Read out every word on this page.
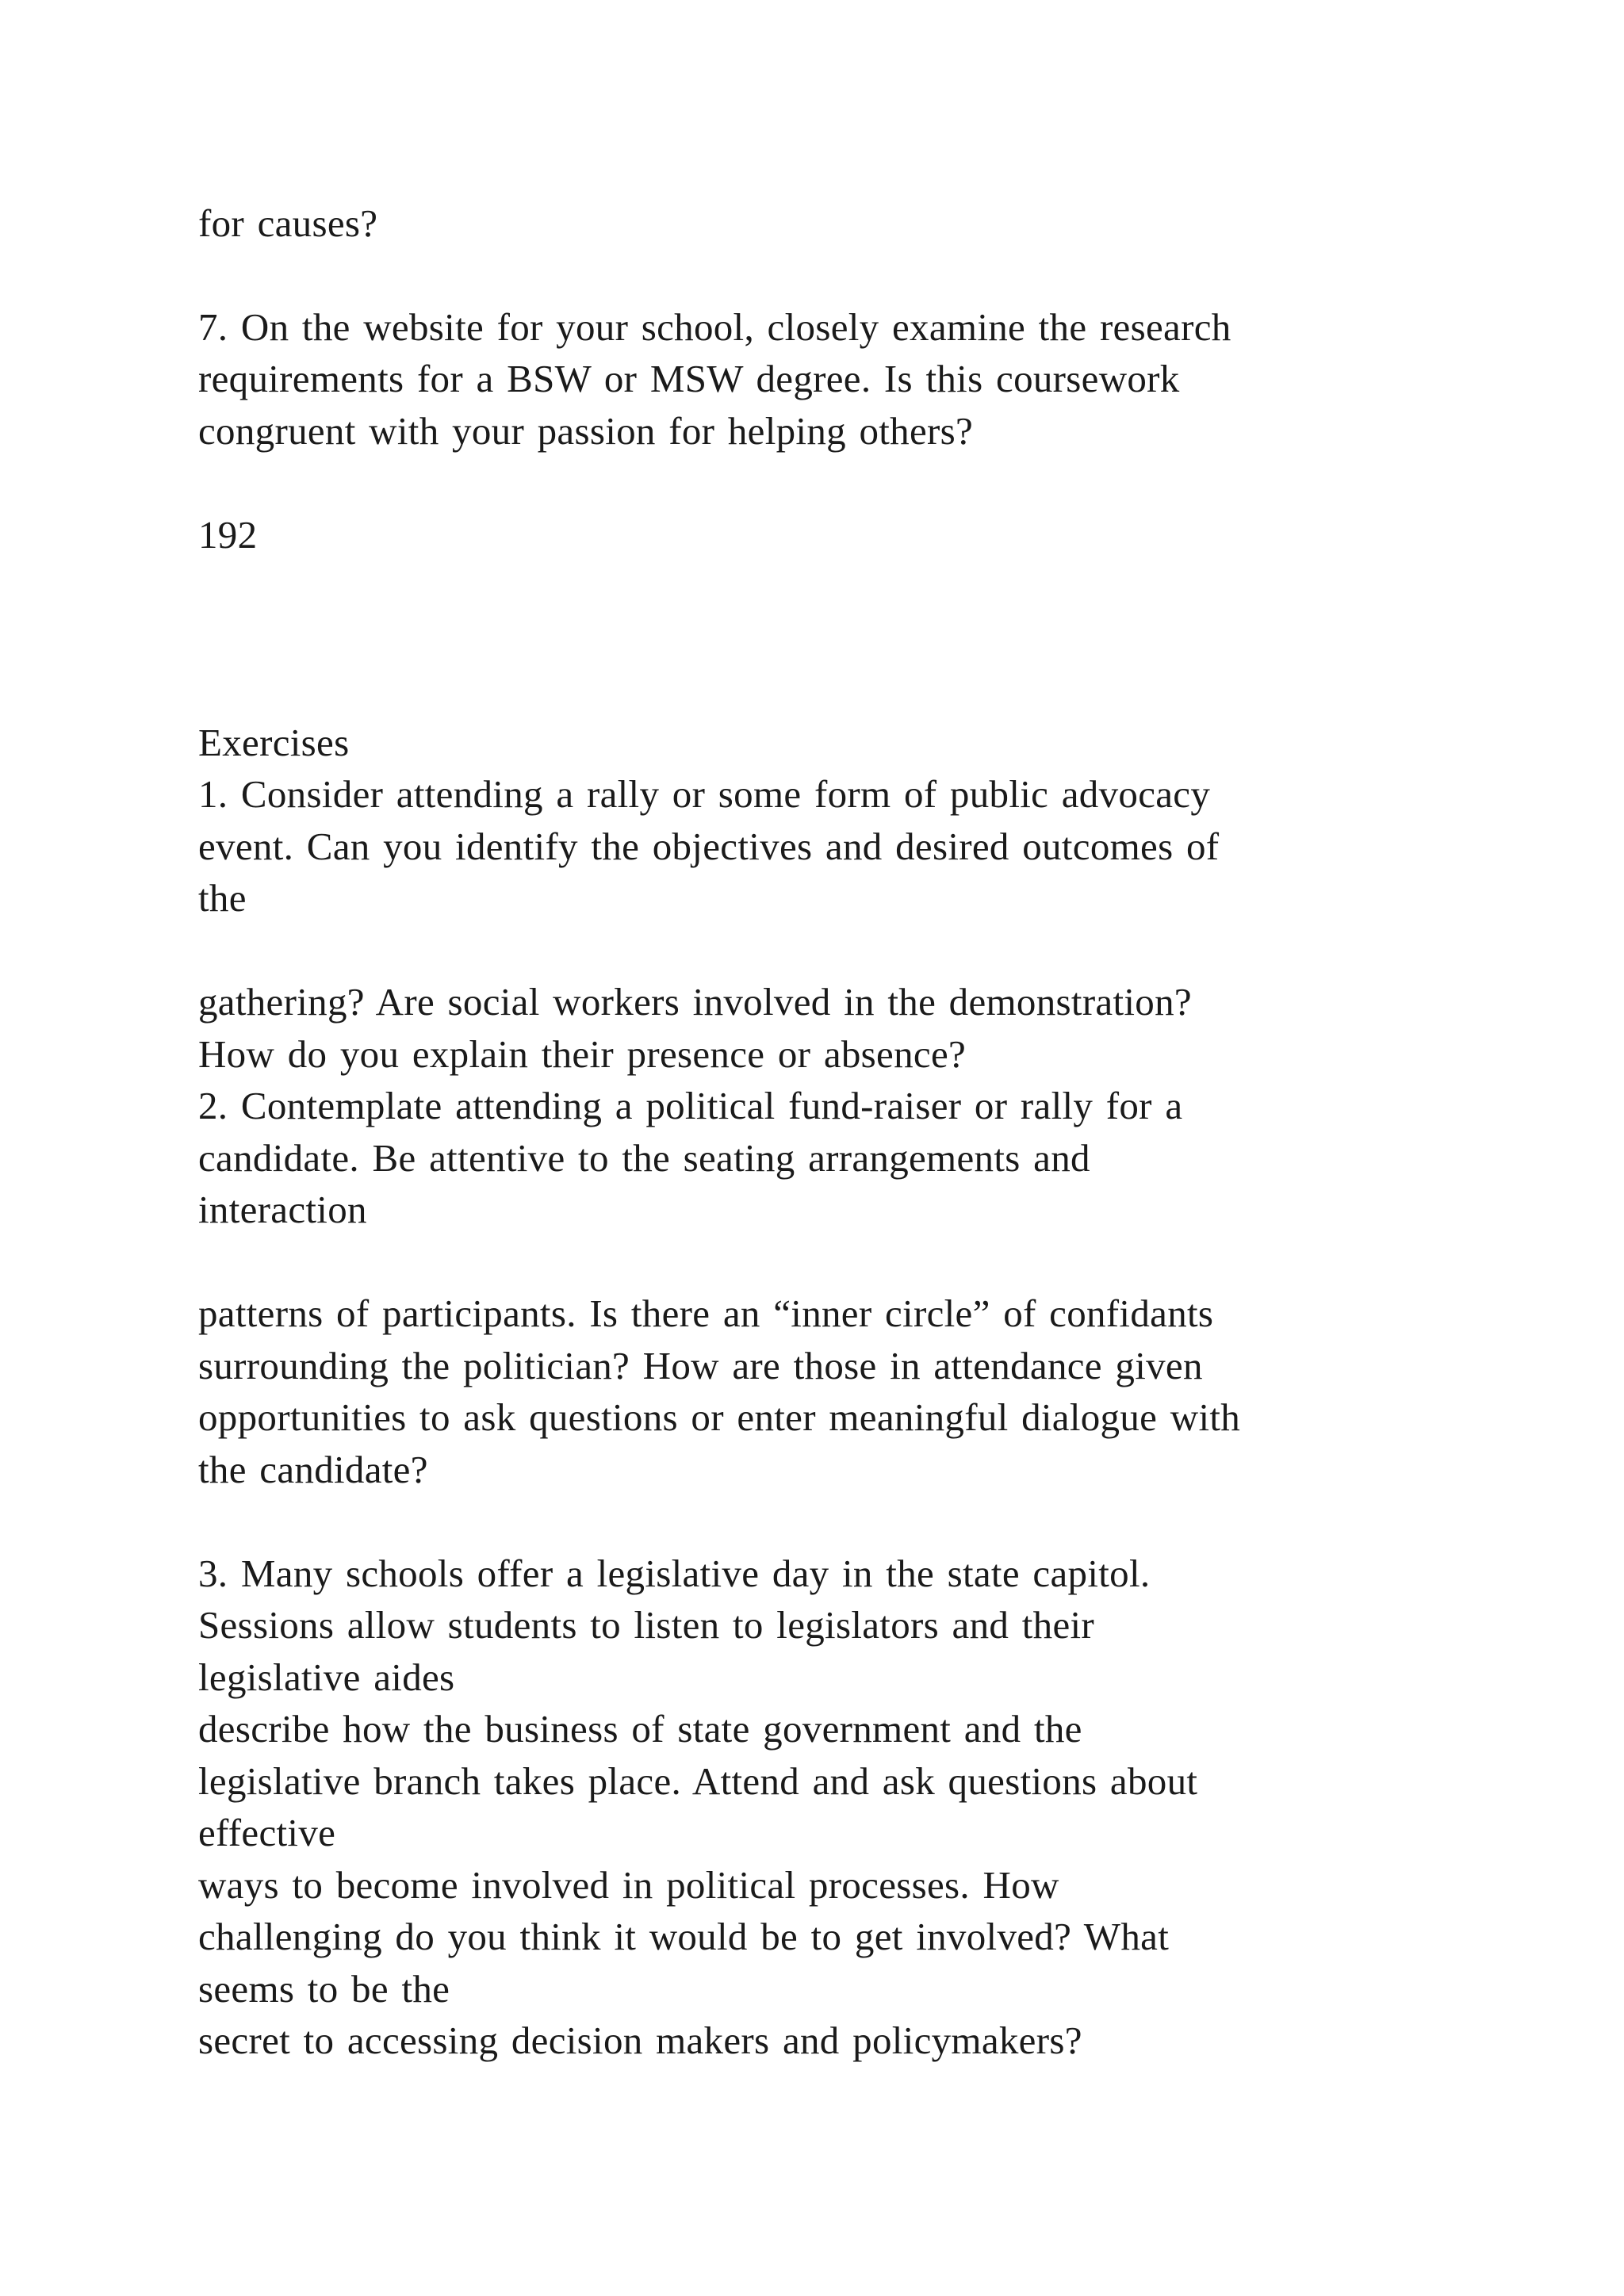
for causes?

7. On the website for your school, closely examine the research

requirements for a BSW or MSW degree. Is this coursework

congruent with your passion for helping others?

192

Exercises

1. Consider attending a rally or some form of public advocacy

event. Can you identify the objectives and desired outcomes of

the

gathering? Are social workers involved in the demonstration?

How do you explain their presence or absence?

2. Contemplate attending a political fund-raiser or rally for a

candidate. Be attentive to the seating arrangements and

interaction

patterns of participants. Is there an “inner circle” of confidants

surrounding the politician? How are those in attendance given

opportunities to ask questions or enter meaningful dialogue with

the candidate?

3. Many schools offer a legislative day in the state capitol.

Sessions allow students to listen to legislators and their

legislative aides

describe how the business of state government and the

legislative branch takes place. Attend and ask questions about

effective

ways to become involved in political processes. How

challenging do you think it would be to get involved? What

seems to be the

secret to accessing decision makers and policymakers?
